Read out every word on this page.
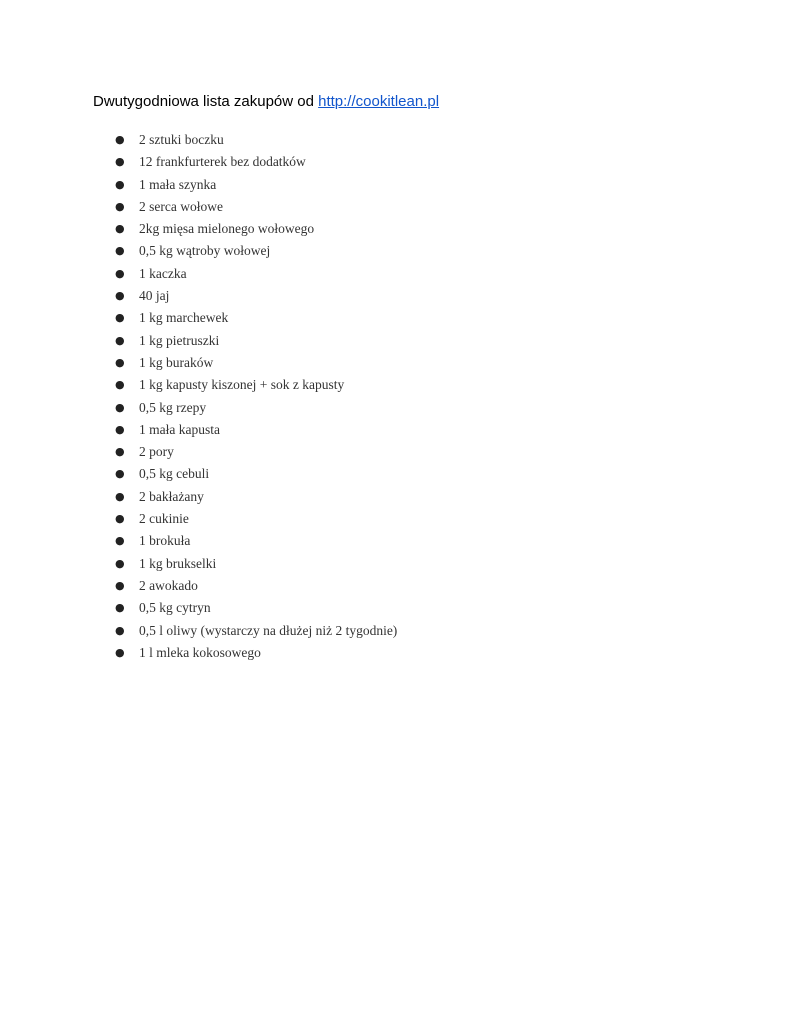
Dwutygodniowa lista zakupów od http://cookitlean.pl
● 2 sztuki boczku
● 12 frankfurterek bez dodatków
● 1 mała szynka
● 2 serca wołowe
● 2kg mięsa mielonego wołowego
● 0,5 kg wątroby wołowej
● 1 kaczka
● 40 jaj
● 1 kg marchewek
● 1 kg pietruszki
● 1 kg buraków
● 1 kg kapusty kiszonej + sok z kapusty
● 0,5 kg rzepy
● 1 mała kapusta
● 2 pory
● 0,5 kg cebuli
● 2 bakłażany
● 2 cukinie
● 1 brokuła
● 1 kg brukselki
● 2 awokado
● 0,5 kg cytryn
● 0,5 l oliwy (wystarczy na dłużej niż 2 tygodnie)
● 1 l mleka kokosowego
